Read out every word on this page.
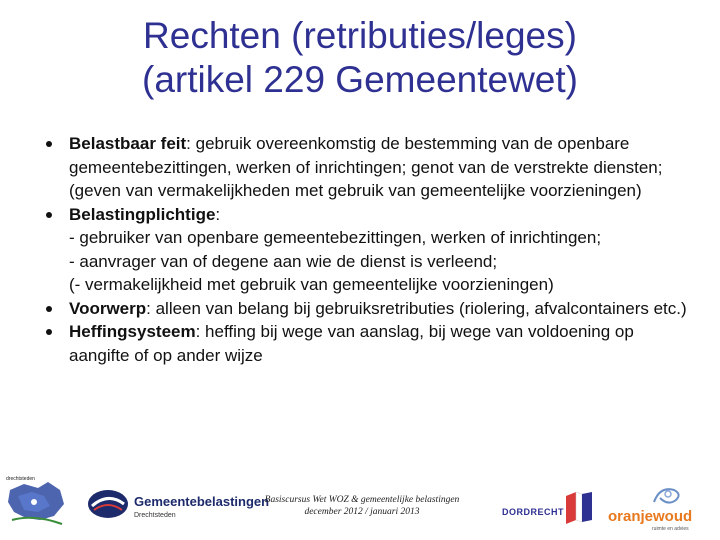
Rechten (retributies/leges)
(artikel 229 Gemeentewet)
Belastbaar feit: gebruik overeenkomstig de bestemming van de openbare gemeentebezittingen, werken of inrichtingen; genot van de verstrekte diensten; (geven van vermakelijkheden met gebruik van gemeentelijke voorzieningen)
Belastingplichtige:
- gebruiker van openbare gemeentebezittingen, werken of inrichtingen;
- aanvrager van of degene aan wie de dienst is verleend;
(- vermakelijkheid met gebruik van gemeentelijke voorzieningen)
Voorwerp: alleen van belang bij gebruiksretributies (riolering, afvalcontainers etc.)
Heffingsysteem: heffing bij wege van aanslag, bij wege van voldoening op aangifte of op ander wijze
drechtsteden
Gemeentebelastingen
Drechtsteden
Basiscursus Wet WOZ & gemeentelijke belastingen
december 2012 / januari 2013	DORDRECHT	oranjewoud
ruimte en advies
